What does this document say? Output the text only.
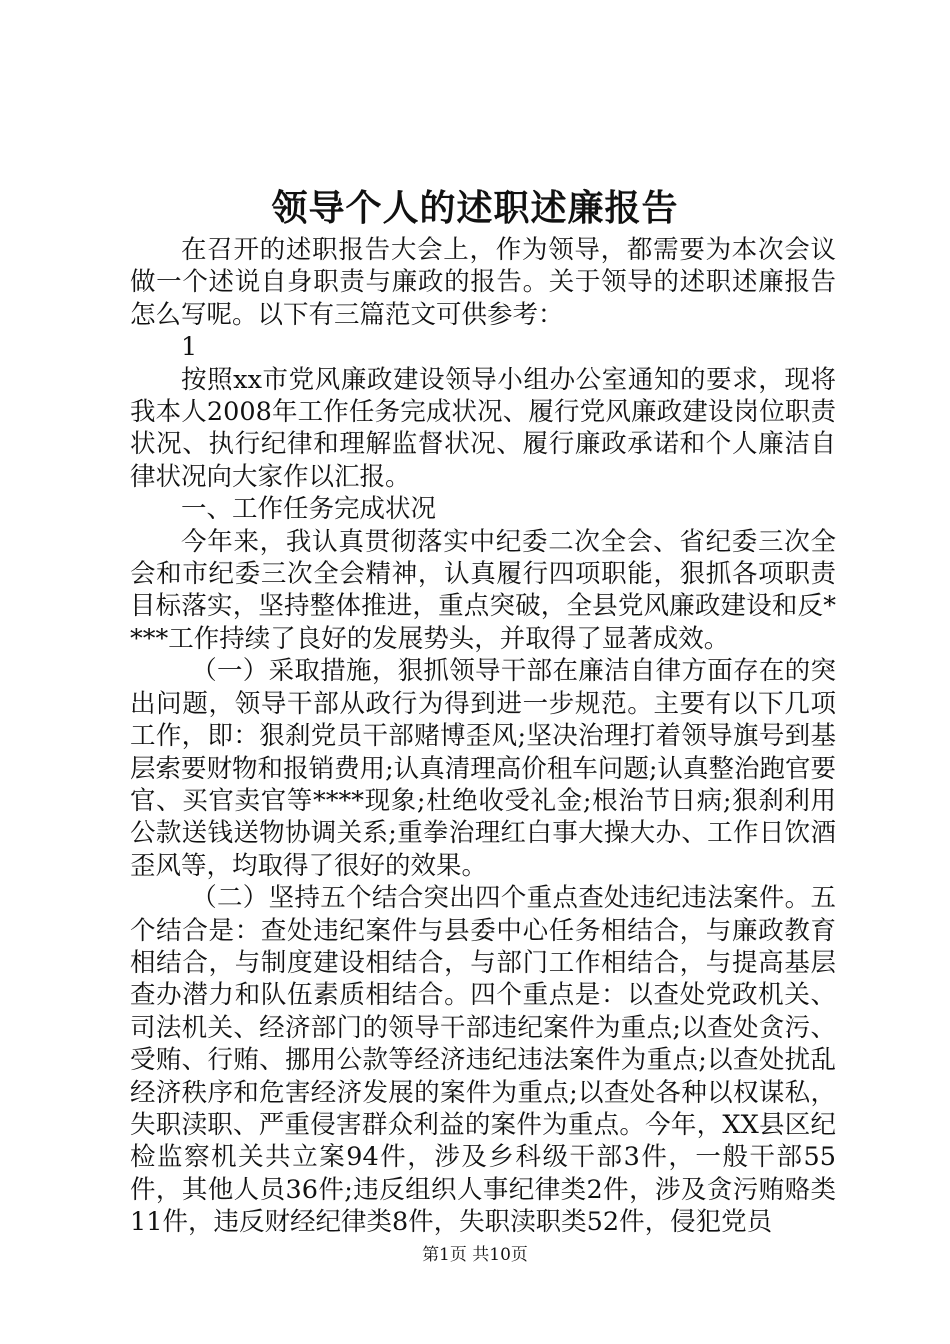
领导个人的述职述廉报告

在召开的述职报告大会上，作为领导，都需要为本次会议做一个述说自身职责与廉政的报告。关于领导的述职述廉报告怎么写呢。以下有三篇范文可供参考：

1

按照xx市党风廉政建设领导小组办公室通知的要求，现将我本人2008年工作任务完成状况、履行党风廉政建设岗位职责状况、执行纪律和理解监督状况、履行廉政承诺和个人廉洁自律状况向大家作以汇报。

一、工作任务完成状况

今年来，我认真贯彻落实中纪委二次全会、省纪委三次全会和市纪委三次全会精神，认真履行四项职能，狠抓各项职责目标落实，坚持整体推进，重点突破，全县党风廉政建设和反****工作持续了良好的发展势头，并取得了显著成效。

（一）采取措施，狠抓领导干部在廉洁自律方面存在的突出问题，领导干部从政行为得到进一步规范。主要有以下几项工作，即：狠刹党员干部赌博歪风;坚决治理打着领导旗号到基层索要财物和报销费用;认真清理高价租车问题;认真整治跑官要官、买官卖官等****现象;杜绝收受礼金;根治节日病;狠刹利用公款送钱送物协调关系;重拳治理红白事大操大办、工作日饮酒歪风等，均取得了很好的效果。

（二）坚持五个结合突出四个重点查处违纪违法案件。五个结合是：查处违纪案件与县委中心任务相结合，与廉政教育相结合，与制度建设相结合，与部门工作相结合，与提高基层查办潜力和队伍素质相结合。四个重点是：以查处党政机关、司法机关、经济部门的领导干部违纪案件为重点;以查处贪污、受贿、行贿、挪用公款等经济违纪违法案件为重点;以查处扰乱经济秩序和危害经济发展的案件为重点;以查处各种以权谋私，失职渎职、严重侵害群众利益的案件为重点。今年，XX县区纪检监察机关共立案94件，涉及乡科级干部3件，一般干部55件，其他人员36件;违反组织人事纪律类2件，涉及贪污贿赂类11件，违反财经纪律类8件，失职渎职类52件，侵犯党员

第1页 共10页
